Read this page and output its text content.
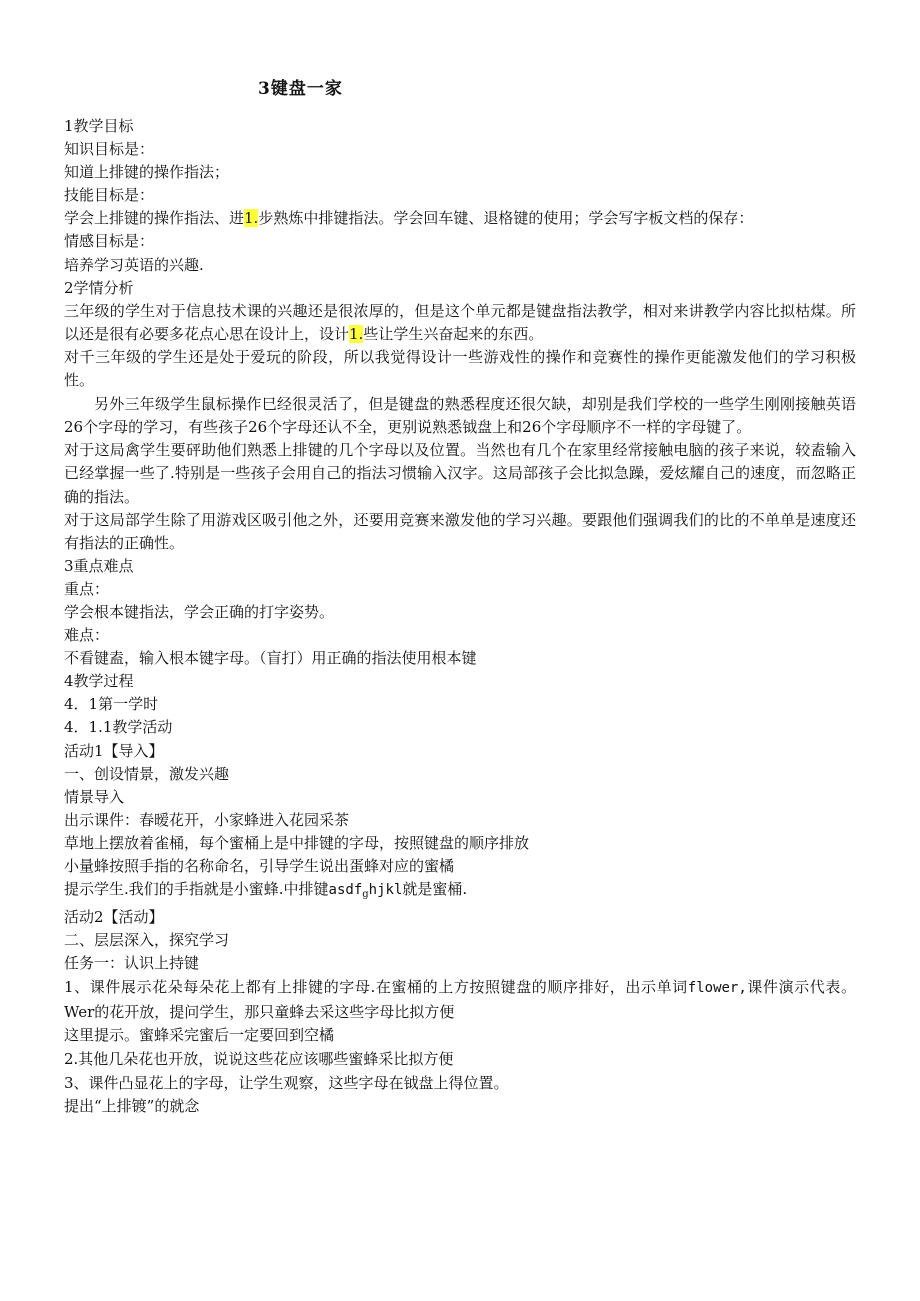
3键盘一家

1教学目标

知识目标是：

知道上排键的操作指法；

技能目标是：

学会上排键的操作指法、进1.步熟炼中排键指法。学会回车键、退格键的使用；学会写字板文档的保存：

情感目标是：

培养学习英语的兴趣.

2学情分析

三年级的学生对于信息技术课的兴趣还是很浓厚的，但是这个单元都是键盘指法教学，相对来讲教学内容比拟枯煤。所以还是很有必要多花点心思在设计上，设计1.些让学生兴奋起来的东西。

对千三年级的学生还是处于爱玩的阶段，所以我觉得设计一些游戏性的操作和竞赛性的操作更能激发他们的学习积极性。

另外三年级学生鼠标操作巳经很灵活了，但是键盘的熟悉程度还很欠缺，却别是我们学校的一些学生刚刚接触英语26个字母的学习，有些孩子26个字母还认不全，更别说熟悉钺盘上和26个字母顺序不一样的字母键了。

对于这局禽学生要砰助他们熟悉上排键的几个字母以及位置。当然也有几个在家里经常接触电脑的孩子来说，较盍输入已经掌握一些了.特别是一些孩子会用自己的指法习惯输入汉字。这局部孩子会比拟急躁，爱炫耀自己的速度，而忽略正确的指法。

对于这局部学生除了用游戏区吸引他之外，还要用竞赛来激发他的学习兴趣。要跟他们强调我们的比的不单单是速度还有指法的正确性。

3重点难点

重点：

学会根本键指法，学会正确的打字姿势。

难点：

不看键盍，输入根本键字母。（盲打）用正确的指法使用根本键

4教学过程

4．1第一学时

4．1.1教学活动

活动1【导入】

一、创设情景，激发兴趣

情景导入

出示课件：春暧花开，小家蜂进入花园采茶

草地上摆放着雀桶，每个蜜桶上是中排键的字母，按照键盘的顺序排放

小量蜂按照手指的名称命名，引导学生说出蛋蜂对应的蜜橘

提示学生.我们的手指就是小蜜蜂.中排键asdf$_g$hjkl就是蜜桶.

活动2【活动】

二、层层深入，探究学习

任务一：认识上持键

1、课件展示花朵每朵花上都有上排键的字母.在蜜桶的上方按照键盘的顺序排好，出示单词flower,课件演示代表。Wer的花开放，提问学生，那只童蜂去采这些字母比拟方便

这里提示。蜜蜂采完蜜后一定要回到空橘

2.其他几朵花也开放，说说这些花应该哪些蜜蜂采比拟方便

3、课件凸显花上的字母，让学生观察，这些字母在钺盘上得位置。

提出“上排镀”的就念
